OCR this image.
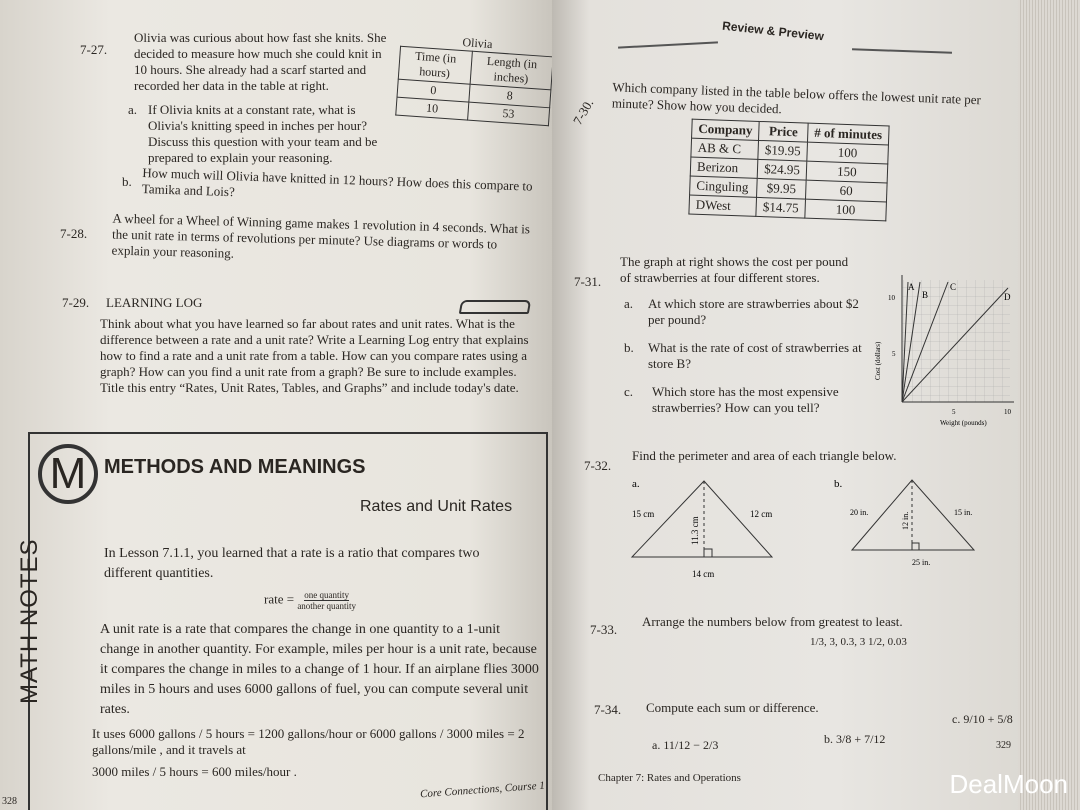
7-27.
Olivia was curious about how fast she knits. She decided to measure how much she could knit in 10 hours. She already had a scarf started and recorded her data in the table at right.
a. If Olivia knits at a constant rate, what is Olivia's knitting speed in inches per hour? Discuss this question with your team and be prepared to explain your reasoning.
b. How much will Olivia have knitted in 12 hours? How does this compare to Tamika and Lois?
Olivia
Time (in hours)	Length (in inches)
0	8
10	53
7-28. A wheel for a Wheel of Winning game makes 1 revolution in 4 seconds. What is the unit rate in terms of revolutions per minute? Use diagrams or words to explain your reasoning.
7-29. LEARNING LOG
Think about what you have learned so far about rates and unit rates. What is the difference between a rate and a unit rate? Write a Learning Log entry that explains how to find a rate and a unit rate from a table. How can you compare rates using a graph? How can you find a unit rate from a graph? Be sure to include examples. Title this entry “Rates, Unit Rates, Tables, and Graphs” and include today's date.
M METHODS AND MEANINGS
MATH NOTES
Rates and Unit Rates
In Lesson 7.1.1, you learned that a rate is a ratio that compares two different quantities.
rate = $\frac{\text{one quantity}}{\text{another quantity}}$
A unit rate is a rate that compares the change in one quantity to a 1-unit change in another quantity. For example, miles per hour is a unit rate, because it compares the change in miles to a change of 1 hour. If an airplane flies 3000 miles in 5 hours and uses 6000 gallons of fuel, you can compute several unit rates.
It uses 6000 gallons / 5 hours = 1200 gallons/hour or 6000 gallons / 3000 miles = 2 gallons/mile , and it travels at
3000 miles / 5 hours = 600 miles/hour .
Core Connections, Course 1
328
Review & Preview
7-30.
Which company listed in the table below offers the lowest unit rate per minute? Show how you decided.
Company	Price	# of minutes
AB & C	$19.95	100
Berizon	$24.95	150
Cinguling	$9.95	60
DWest	$14.75	100
7-31.
The graph at right shows the cost per pound of strawberries at four different stores.
a. At which store are strawberries about $2 per pound?
b. What is the rate of cost of strawberries at store B?
c. Which store has the most expensive strawberries? How can you tell?
A
B
C
D
5
10
5	10
Weight (pounds)
Cost (dollars)
7-32.
Find the perimeter and area of each triangle below.
a.
15 cm	12 cm
11.3 cm
14 cm
b.
20 in.	15 in.
12 in.
25 in.
7-33.
Arrange the numbers below from greatest to least.
1/3, 3, 0.3, 3 1/2, 0.03
7-34. Compute each sum or difference.
a. 11/12 − 2/3	b. 3/8 + 7/12
c. 9/10 + 5/8
Chapter 7: Rates and Operations
329
DealMoon
